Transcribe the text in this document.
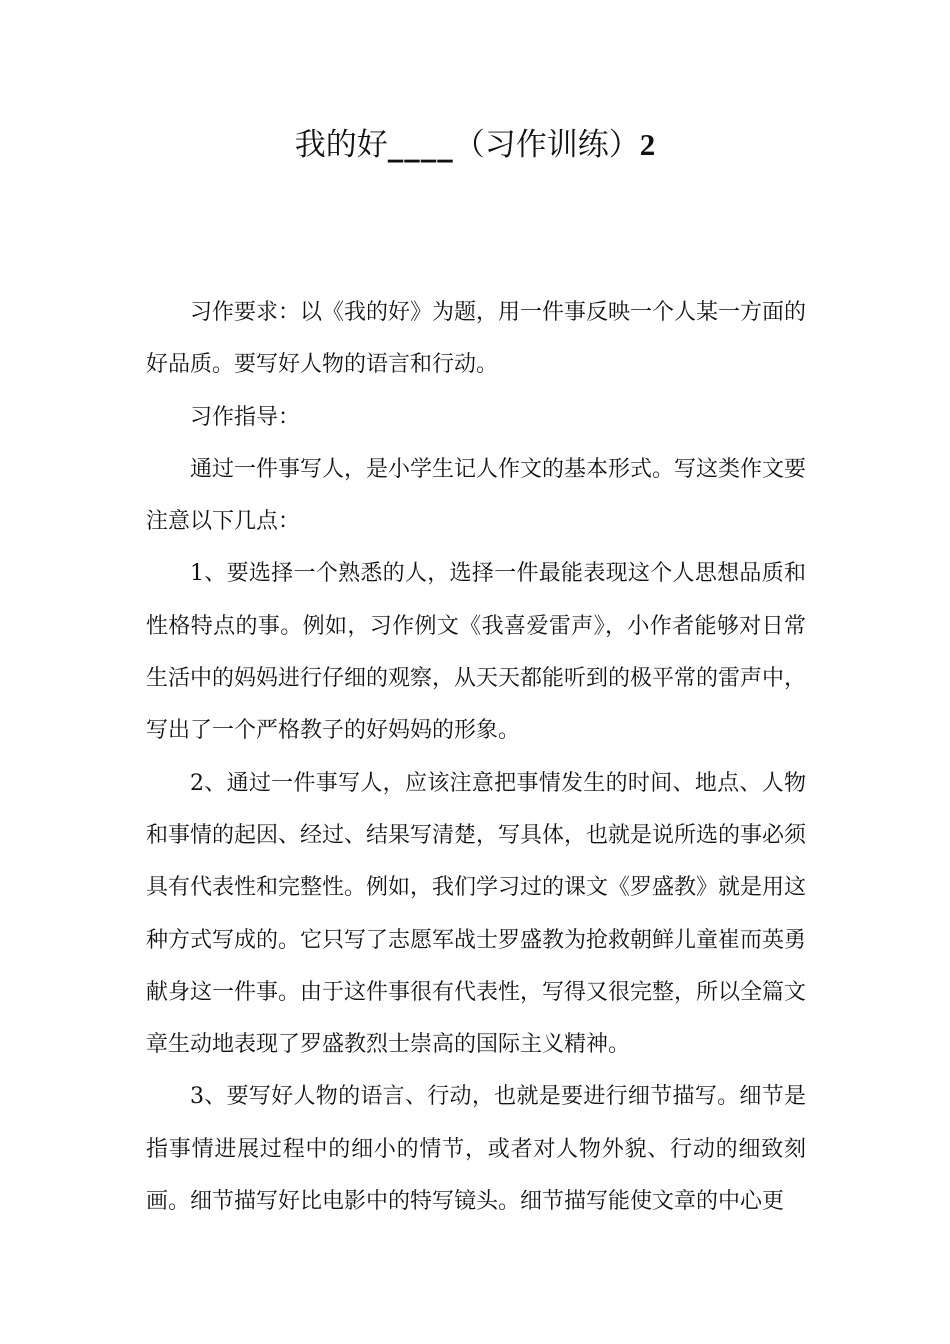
我的好____（习作训练）2

习作要求：以《我的好》为题，用一件事反映一个人某一方面的好品质。要写好人物的语言和行动。

习作指导：

通过一件事写人，是小学生记人作文的基本形式。写这类作文要注意以下几点：

1、要选择一个熟悉的人，选择一件最能表现这个人思想品质和性格特点的事。例如，习作例文《我喜爱雷声》，小作者能够对日常生活中的妈妈进行仔细的观察，从天天都能听到的极平常的雷声中，写出了一个严格教子的好妈妈的形象。

2、通过一件事写人，应该注意把事情发生的时间、地点、人物和事情的起因、经过、结果写清楚，写具体，也就是说所选的事必须具有代表性和完整性。例如，我们学习过的课文《罗盛教》就是用这种方式写成的。它只写了志愿军战士罗盛教为抢救朝鲜儿童崔而英勇献身这一件事。由于这件事很有代表性，写得又很完整，所以全篇文章生动地表现了罗盛教烈士崇高的国际主义精神。

3、要写好人物的语言、行动，也就是要进行细节描写。细节是指事情进展过程中的细小的情节，或者对人物外貌、行动的细致刻画。细节描写好比电影中的特写镜头。细节描写能使文章的中心更
